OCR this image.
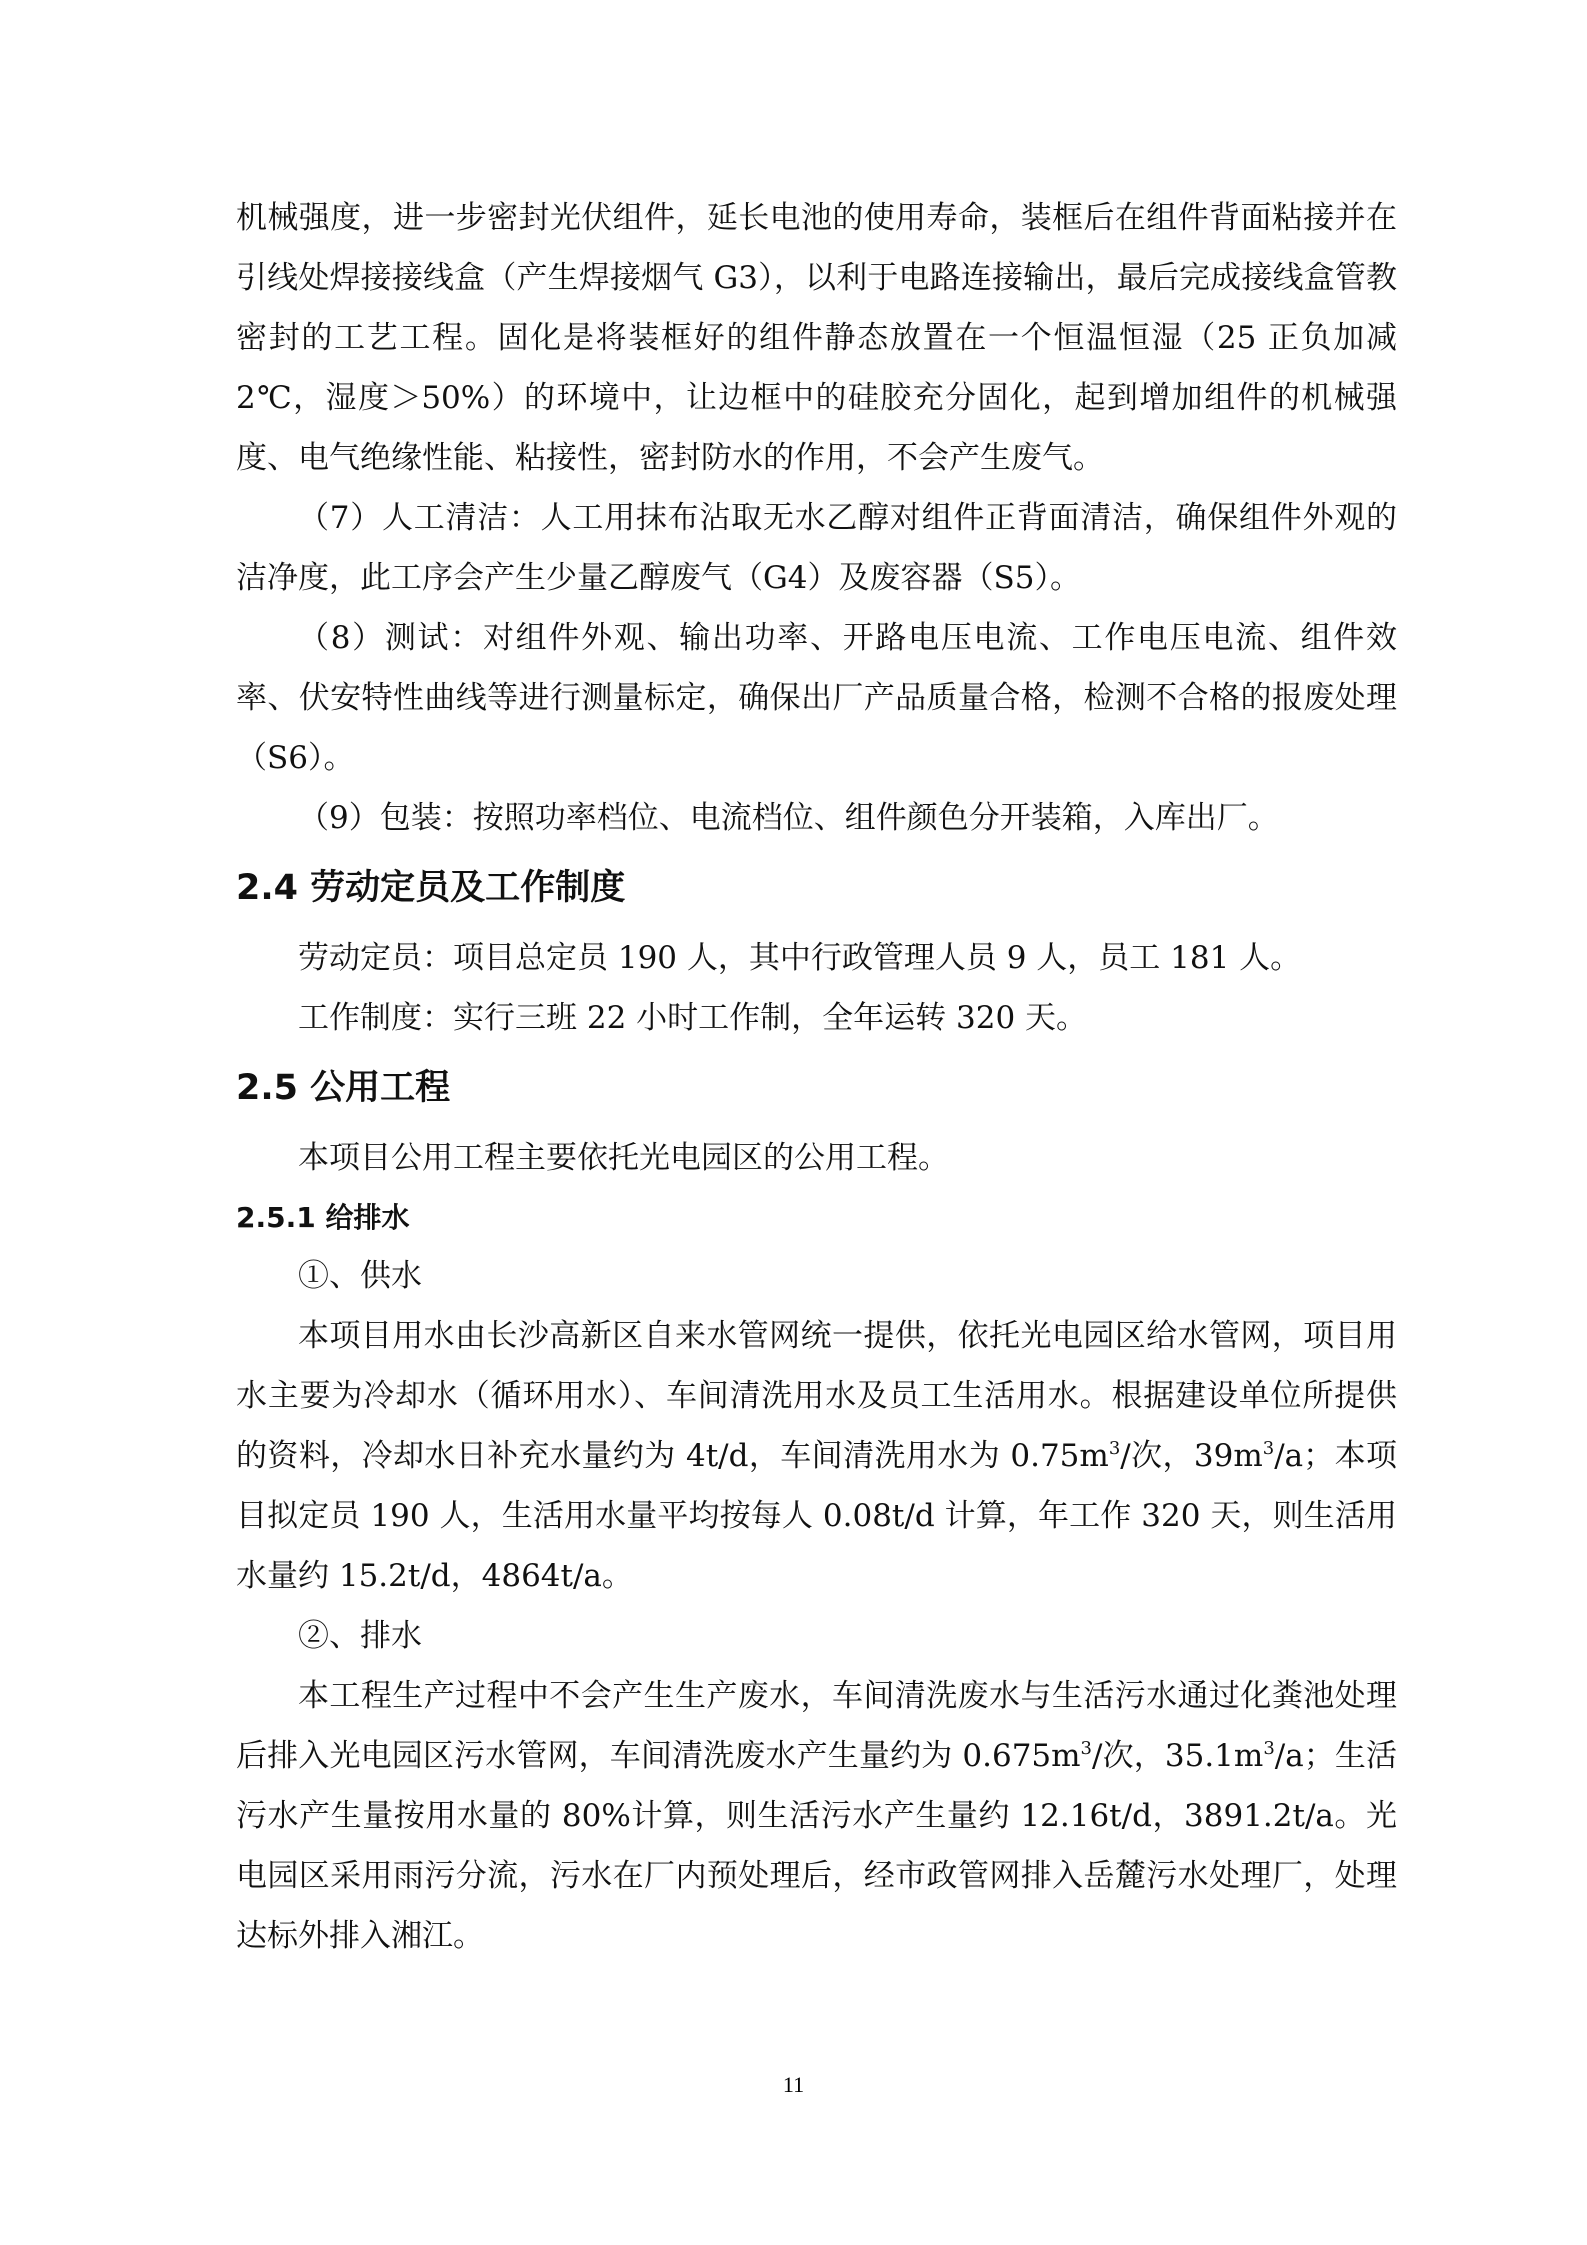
机械强度，进一步密封光伏组件，延长电池的使用寿命，装框后在组件背面粘接并在引线处焊接接线盒（产生焊接烟气 G3），以利于电路连接输出，最后完成接线盒管教密封的工艺工程。固化是将装框好的组件静态放置在一个恒温恒湿（25 正负加减 2℃，湿度＞50%）的环境中，让边框中的硅胶充分固化，起到增加组件的机械强度、电气绝缘性能、粘接性，密封防水的作用，不会产生废气。

（7）人工清洁：人工用抹布沾取无水乙醇对组件正背面清洁，确保组件外观的洁净度，此工序会产生少量乙醇废气（G4）及废容器（S5）。

（8）测试：对组件外观、输出功率、开路电压电流、工作电压电流、组件效率、伏安特性曲线等进行测量标定，确保出厂产品质量合格，检测不合格的报废处理（S6）。

（9）包装：按照功率档位、电流档位、组件颜色分开装箱，入库出厂。

2.4 劳动定员及工作制度

劳动定员：项目总定员 190 人，其中行政管理人员 9 人，员工 181 人。

工作制度：实行三班 22 小时工作制，全年运转 320 天。

2.5 公用工程

本项目公用工程主要依托光电园区的公用工程。

2.5.1 给排水

①、供水

本项目用水由长沙高新区自来水管网统一提供，依托光电园区给水管网，项目用水主要为冷却水（循环用水）、车间清洗用水及员工生活用水。根据建设单位所提供的资料，冷却水日补充水量约为 4t/d，车间清洗用水为 $0.75m^3/$次，$39m^3/a$；本项目拟定员 190 人，生活用水量平均按每人 0.08t/d 计算，年工作 320 天，则生活用水量约 15.2t/d，4864t/a。

②、排水

本工程生产过程中不会产生生产废水，车间清洗废水与生活污水通过化粪池处理后排入光电园区污水管网，车间清洗废水产生量约为 $0.675m^3/$次，$35.1m^3/a$；生活污水产生量按用水量的 80%计算，则生活污水产生量约 12.16t/d，3891.2t/a。光电园区采用雨污分流，污水在厂内预处理后，经市政管网排入岳麓污水处理厂，处理达标外排入湘江。

11
